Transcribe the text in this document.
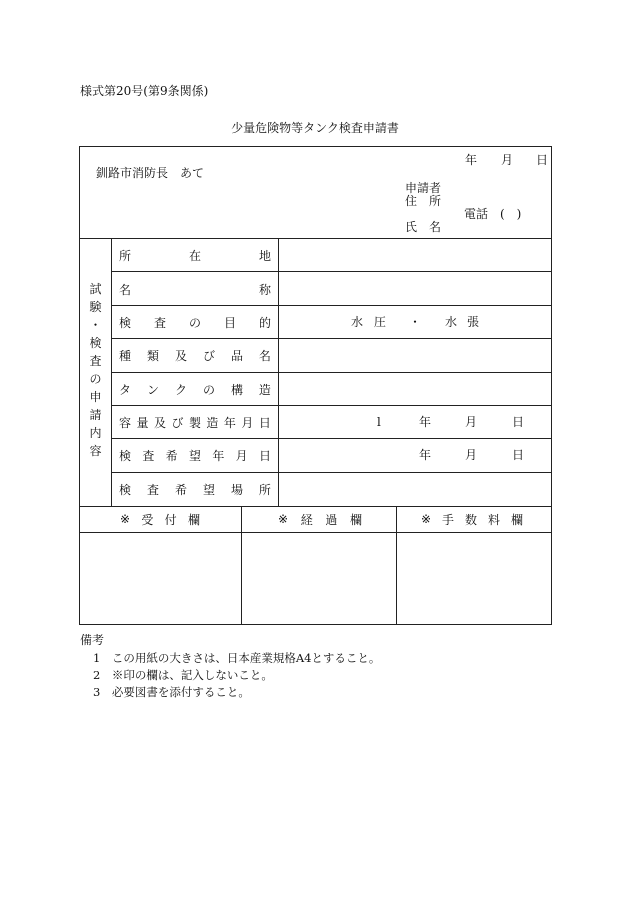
様式第20号(第9条関係)
少量危険物等タンク検査申請書
年 月 日
釧路市消防長　あて
申請者
住　所
電話　(　)
氏　名
試
験
・
検
査
の
申
請
内
容
所	在	地
名	称
検 査 の 目 的	水 圧 ・ 水 張
種 類 及 び 品 名
タ ン ク の 構 造
容 量 及 び 製 造 年 月 日	l	年	月	日
検 査 希 望 年 月 日	年	月	日
検 査 希 望 場 所
※ 受 付 欄	※ 経 過 欄	※ 手 数 料 欄
備考
1　この用紙の大きさは、日本産業規格A4とすること。
2　※印の欄は、記入しないこと。
3　必要図書を添付すること。
